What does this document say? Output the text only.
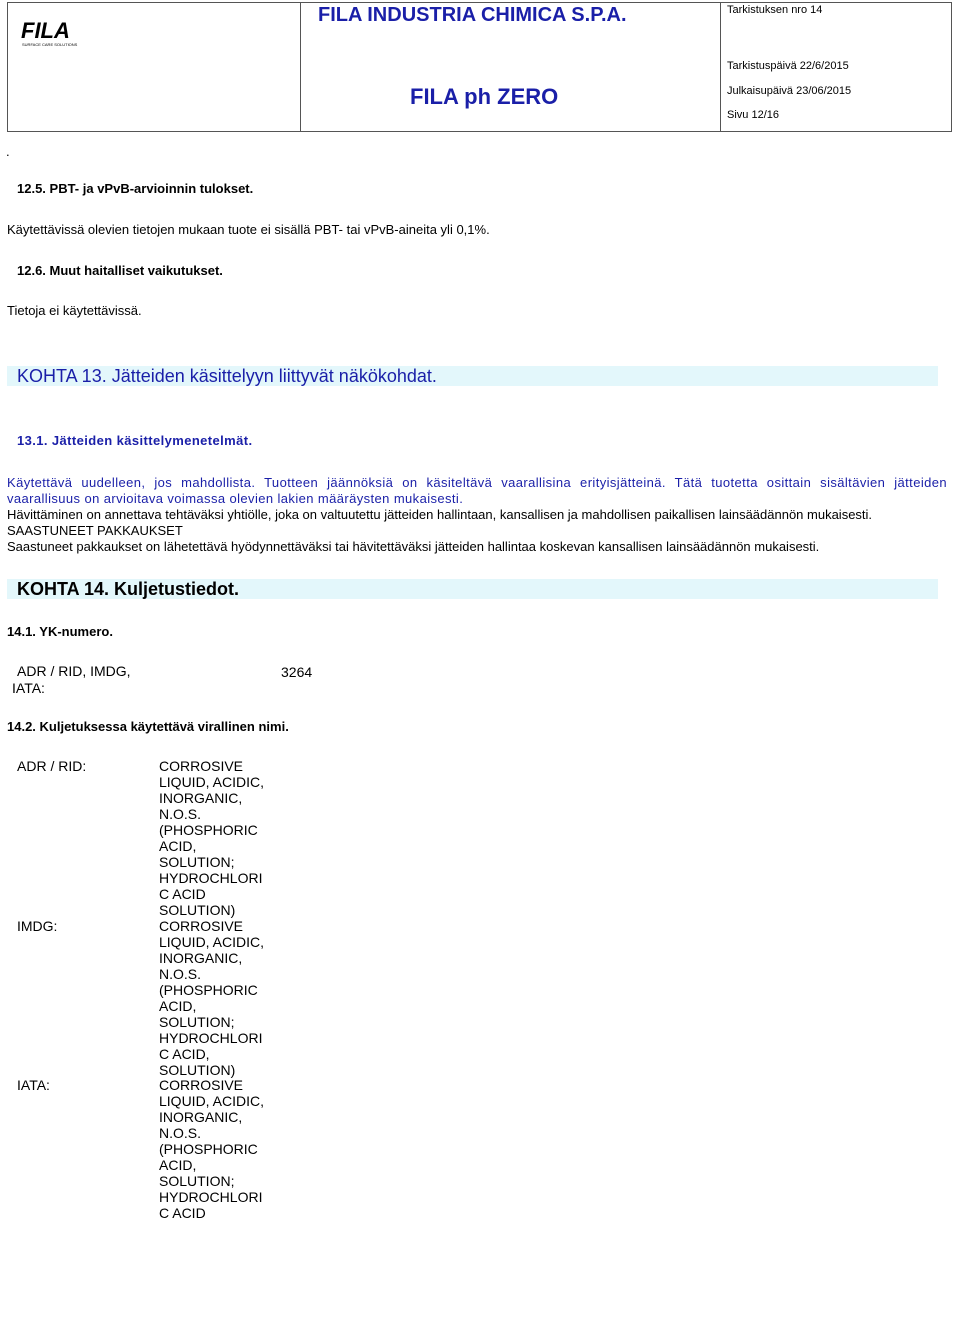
FILA
SURFACE CARE SOLUTIONS
FILA INDUSTRIA CHIMICA S.P.A.
FILA ph ZERO
Tarkistuksen nro 14
Tarkistuspäivä 22/6/2015
Julkaisupäivä 23/06/2015
Sivu 12/16
.
12.5. PBT- ja vPvB-arvioinnin tulokset.
Käytettävissä olevien tietojen mukaan tuote ei sisällä PBT- tai vPvB-aineita yli 0,1%.
12.6. Muut haitalliset vaikutukset.
Tietoja ei käytettävissä.
KOHTA 13. Jätteiden käsittelyyn liittyvät näkökohdat.
13.1. Jätteiden käsittelymenetelmät.
Käytettävä uudelleen, jos mahdollista. Tuotteen jäännöksiä on käsiteltävä vaarallisina erityisjätteinä. Tätä tuotetta osittain sisältävien jätteiden vaarallisuus on arvioitava voimassa olevien lakien määräysten mukaisesti.
Hävittäminen on annettava tehtäväksi yhtiölle, joka on valtuutettu jätteiden hallintaan, kansallisen ja mahdollisen paikallisen lainsäädännön mukaisesti.
SAASTUNEET PAKKAUKSET
Saastuneet pakkaukset on lähetettävä hyödynnettäväksi tai hävitettäväksi jätteiden hallintaa koskevan kansallisen lainsäädännön mukaisesti.
KOHTA 14. Kuljetustiedot.
14.1. YK-numero.
ADR / RID, IMDG,
IATA:
3264
14.2. Kuljetuksessa käytettävä virallinen nimi.
ADR / RID:	CORROSIVE
LIQUID, ACIDIC,
INORGANIC,
N.O.S.
(PHOSPHORIC
ACID,
SOLUTION;
HYDROCHLORI
C ACID
SOLUTION)
IMDG:	CORROSIVE
LIQUID, ACIDIC,
INORGANIC,
N.O.S.
(PHOSPHORIC
ACID,
SOLUTION;
HYDROCHLORI
C ACID,
SOLUTION)
IATA:	CORROSIVE
LIQUID, ACIDIC,
INORGANIC,
N.O.S.
(PHOSPHORIC
ACID,
SOLUTION;
HYDROCHLORI
C ACID
